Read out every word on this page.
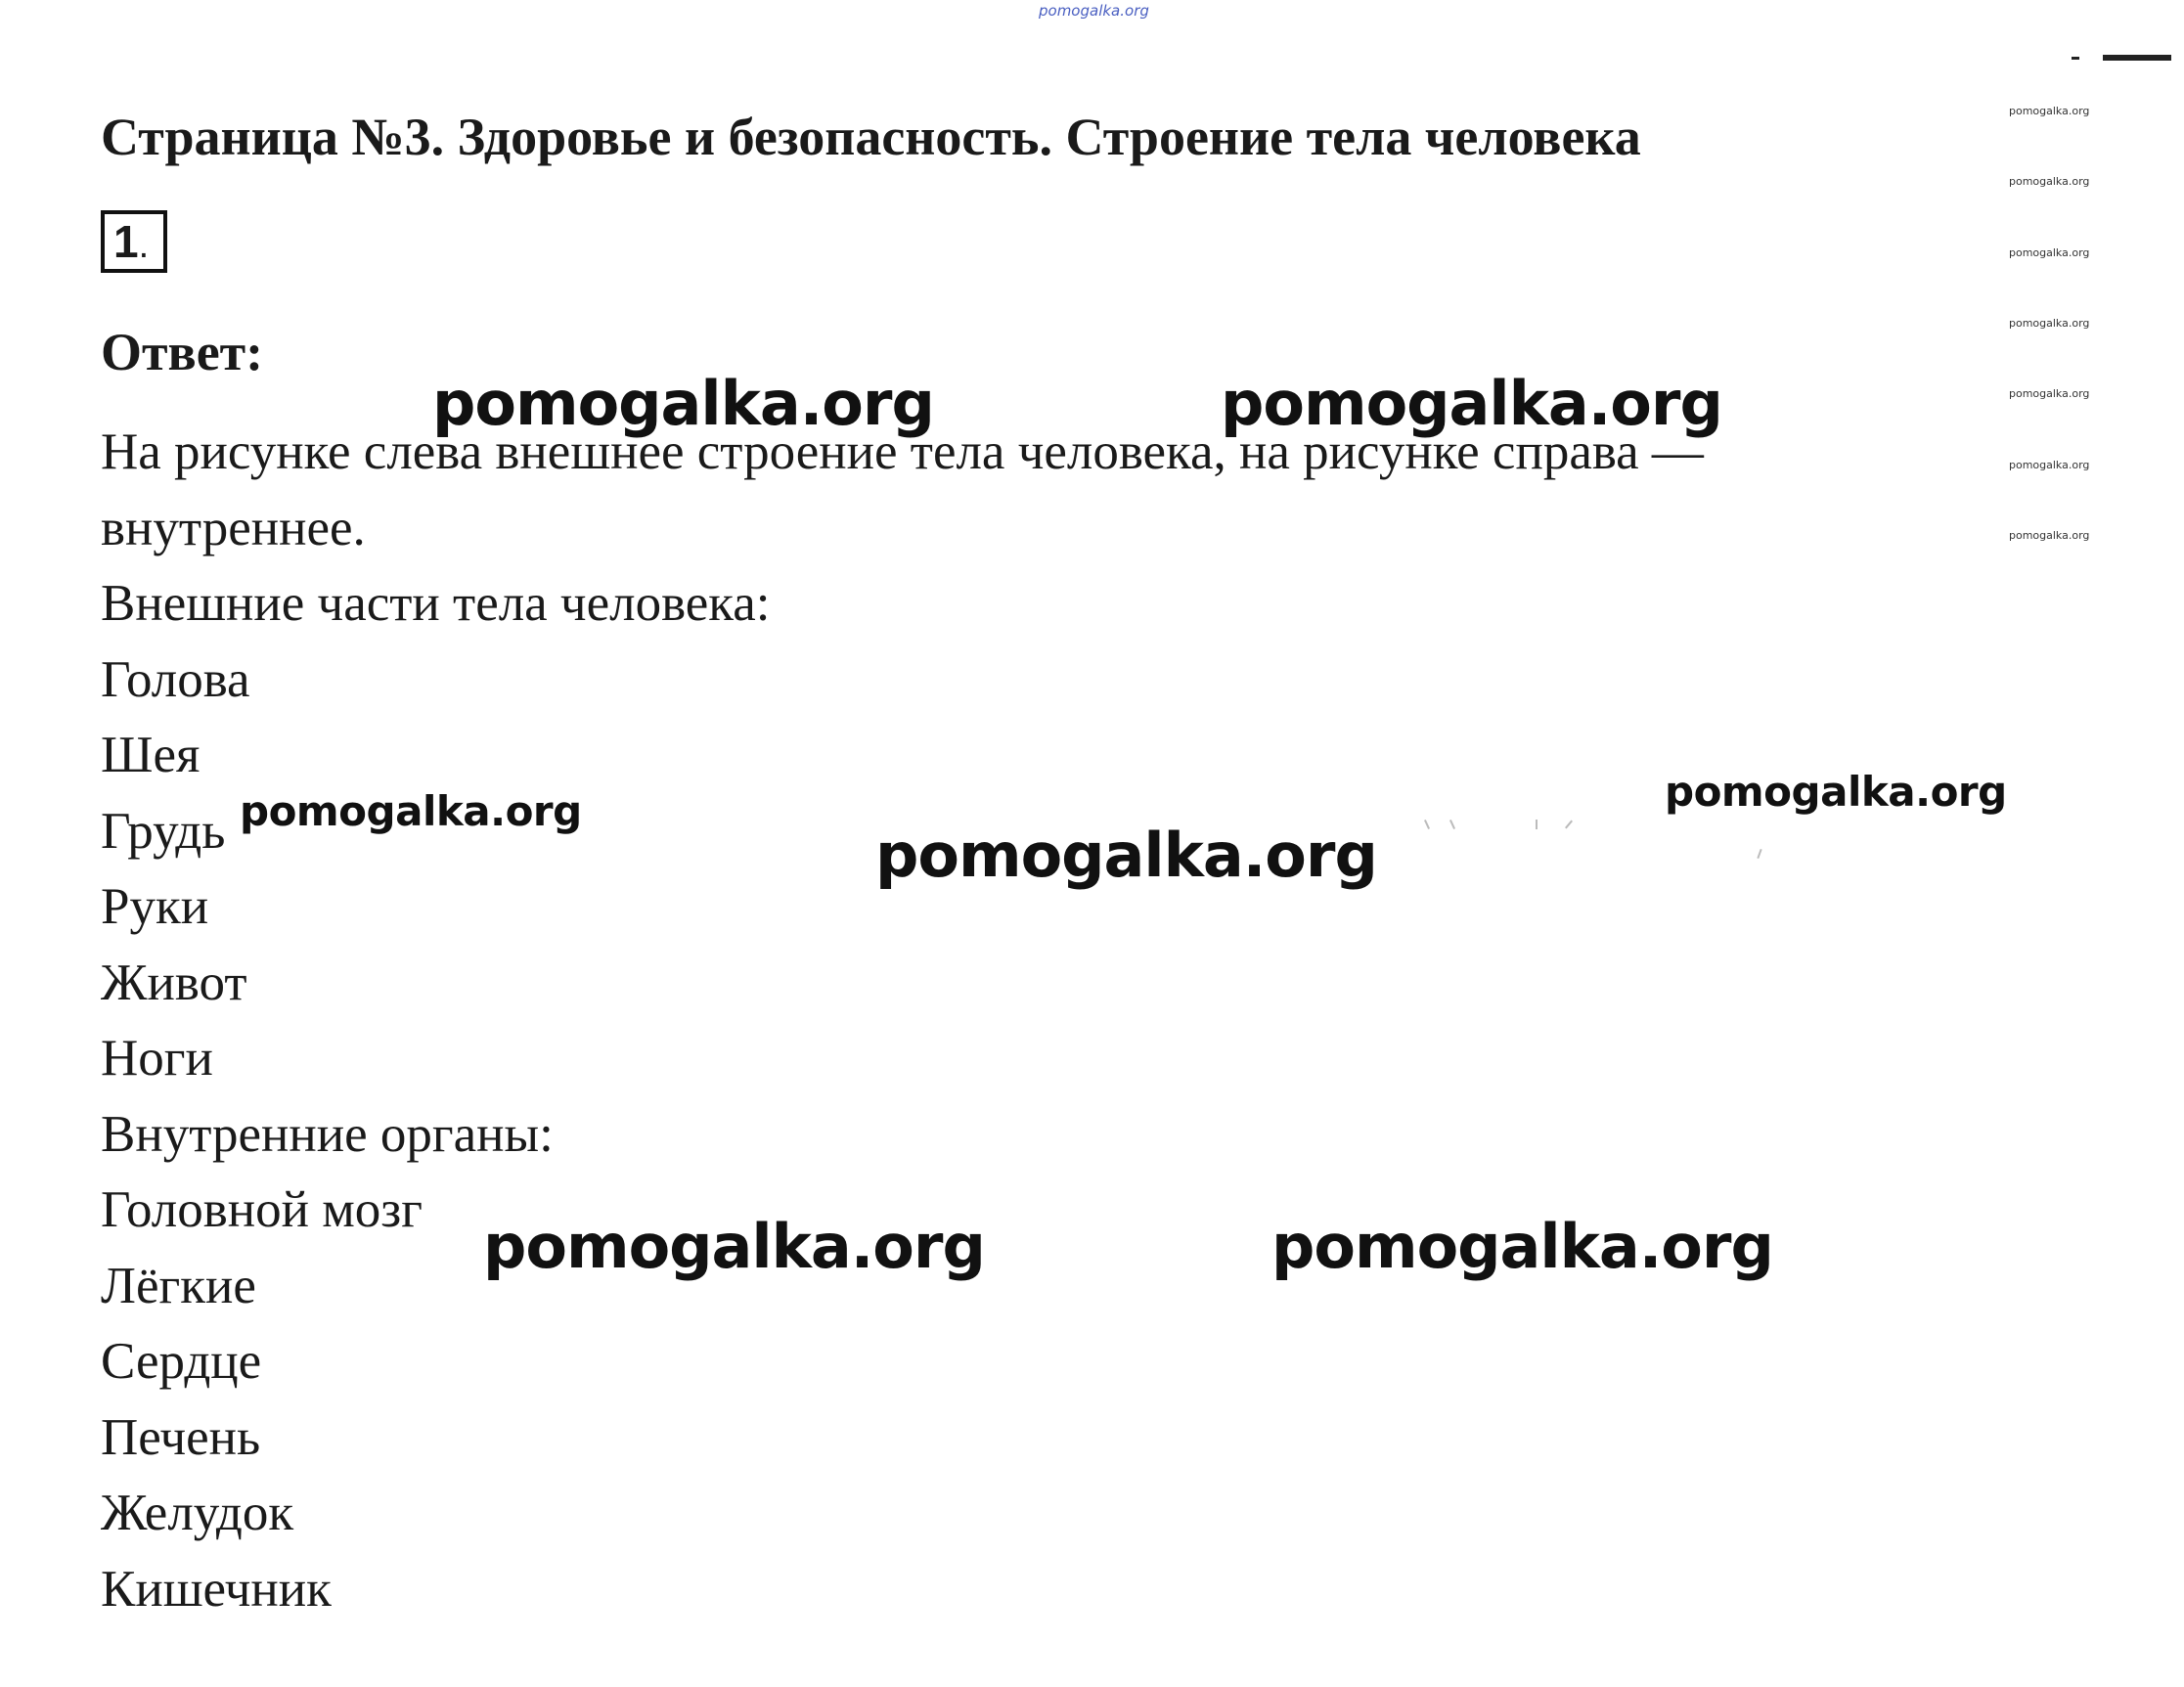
pomogalka.org
Страница №3. Здоровье и безопасность. Строение тела человека
1.
Ответ:
На рисунке слева внешнее строение тела человека, на рисунке справа —
внутреннее.
Внешние части тела человека:
Голова
Шея
Грудь
Руки
Живот
Ноги
Внутренние органы:
Головной мозг
Лёгкие
Сердце
Печень
Желудок
Кишечник
pomogalka.org	pomogalka.org
pomogalka.org
pomogalka.org	pomogalka.org
pomogalka.org	pomogalka.org
pomogalka.org
pomogalka.org
pomogalka.org
pomogalka.org
pomogalka.org
pomogalka.org
pomogalka.org
